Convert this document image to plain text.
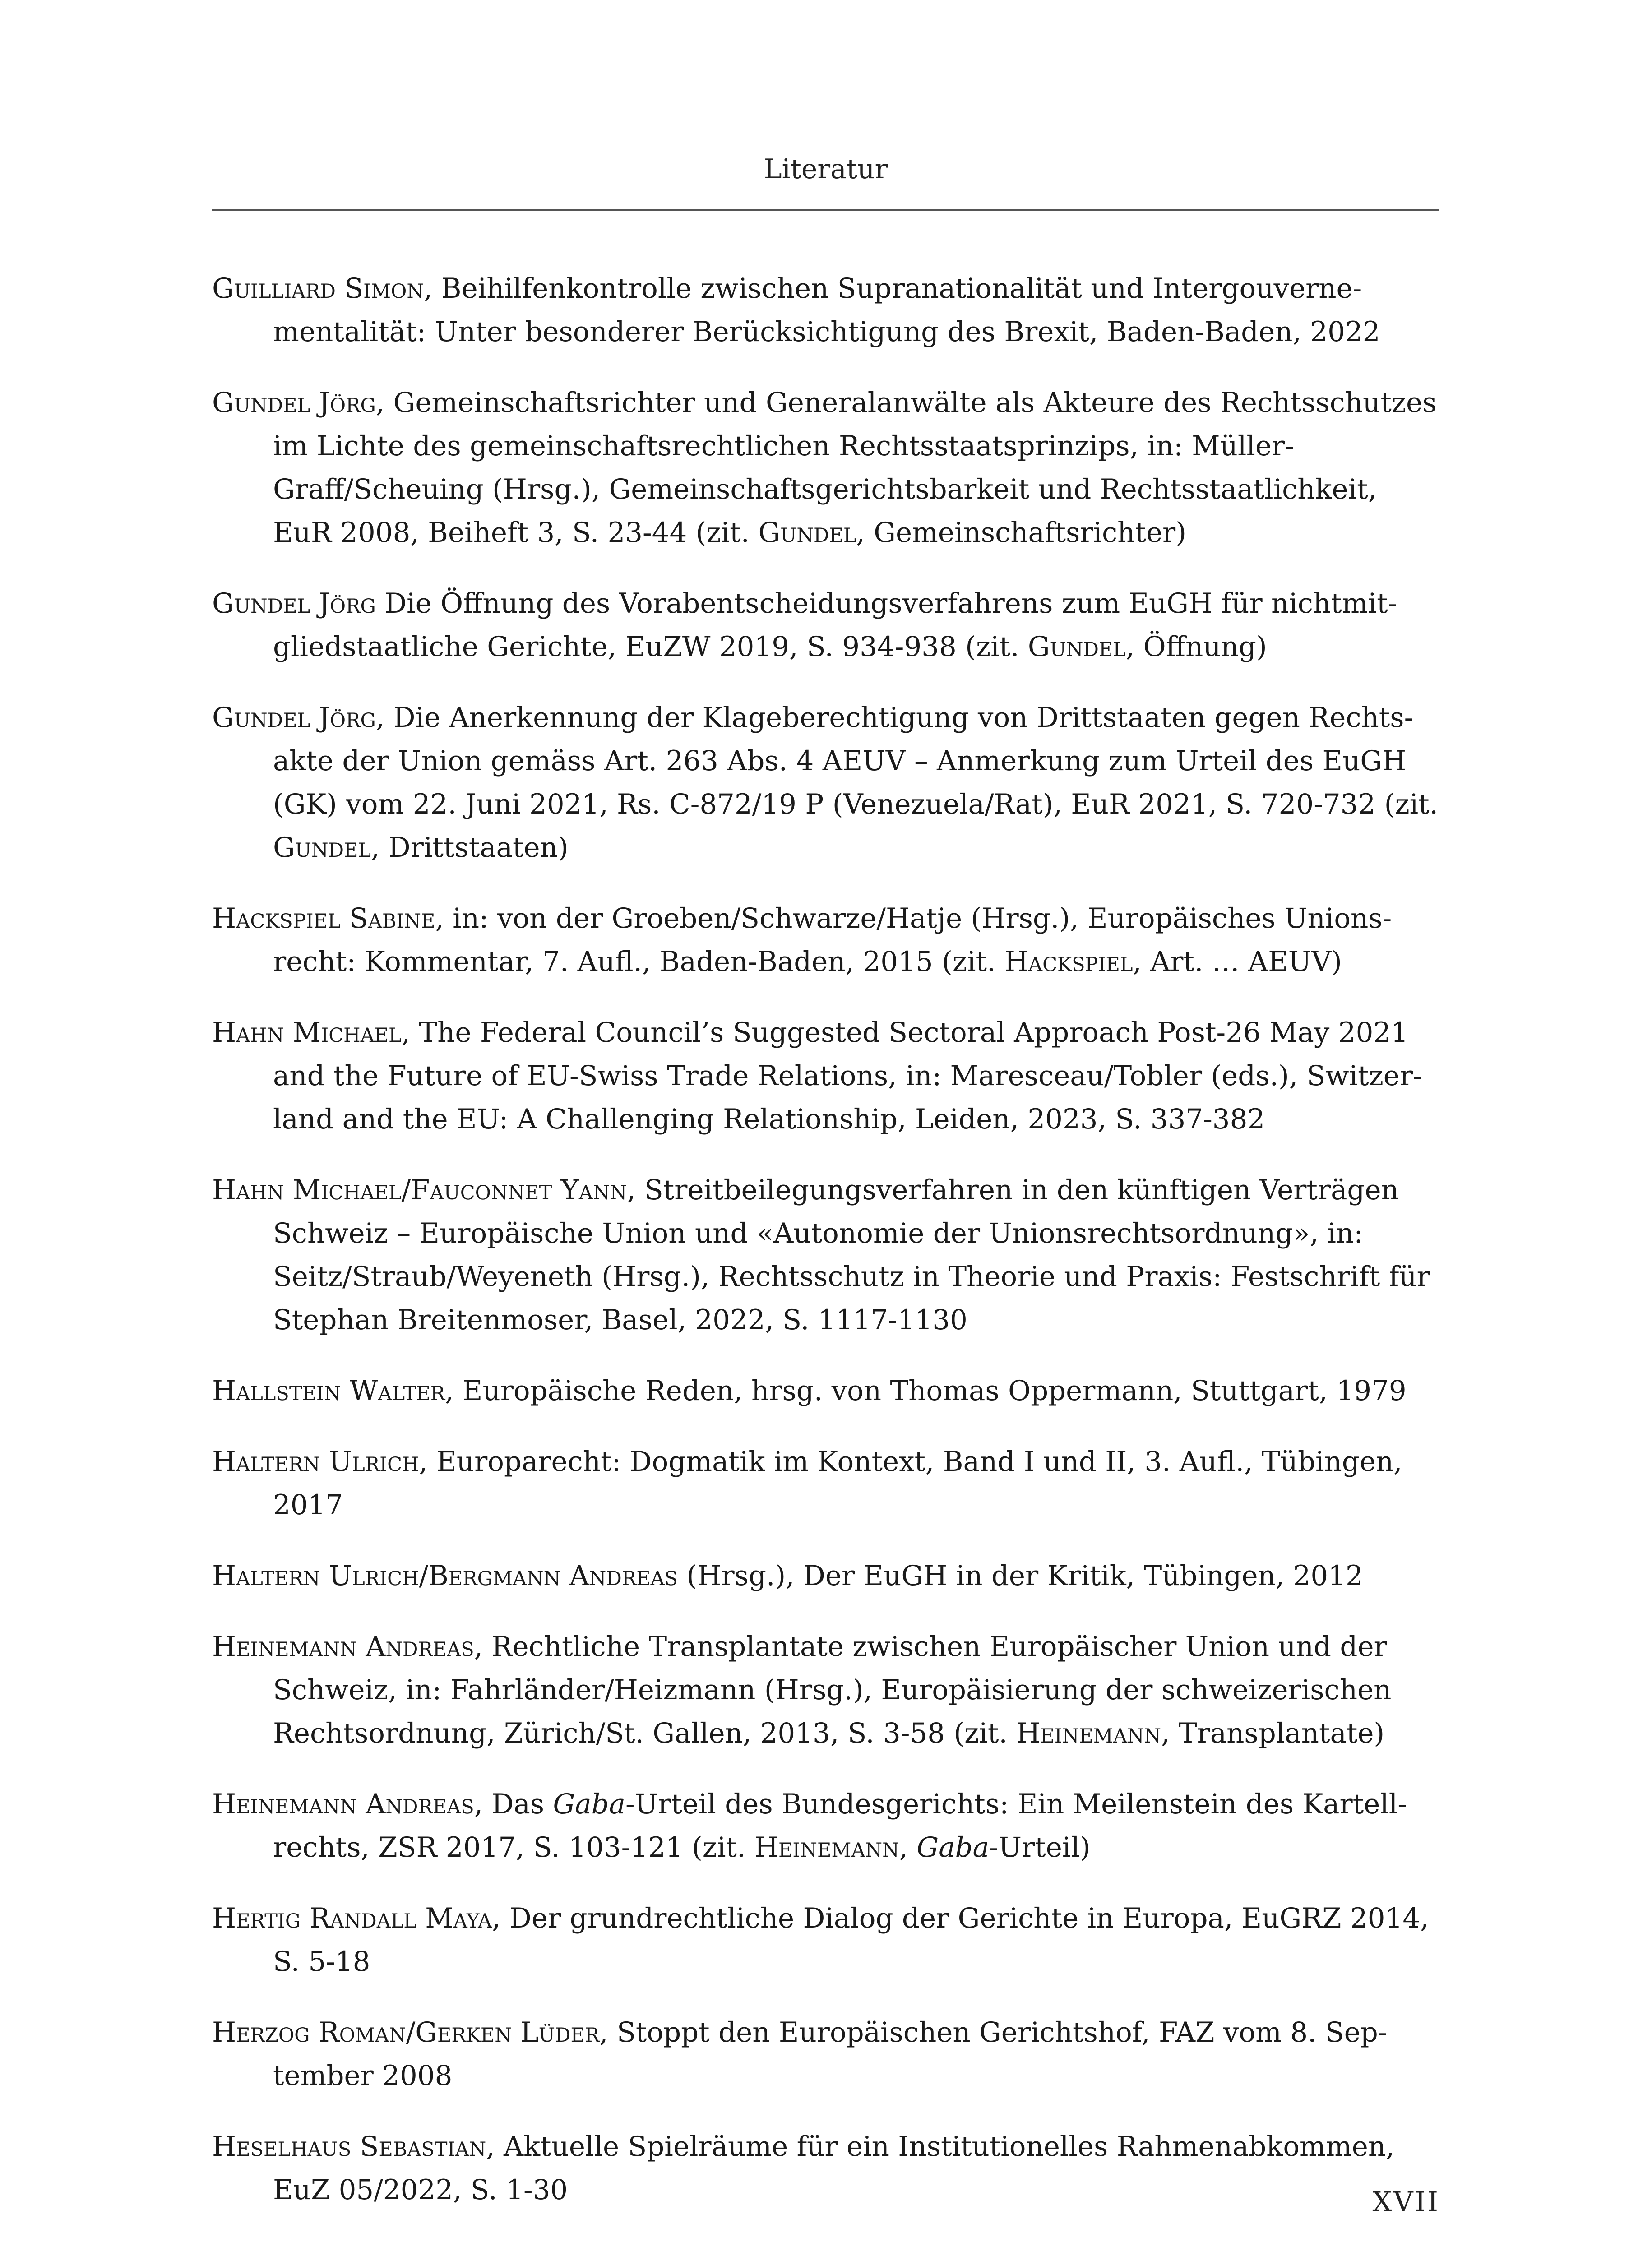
Literatur

Guilliard Simon, Beihilfenkontrolle zwischen Supranationalität und Intergouvernementalität: Unter besonderer Berücksichtigung des Brexit, Baden-Baden, 2022

Gundel Jörg, Gemeinschaftsrichter und Generalanwälte als Akteure des Rechtsschutzes im Lichte des gemeinschaftsrechtlichen Rechtsstaatsprinzips, in: Müller-Graff/Scheuing (Hrsg.), Gemeinschaftsgerichtsbarkeit und Rechtsstaatlichkeit, EuR 2008, Beiheft 3, S. 23-44 (zit. Gundel, Gemeinschaftsrichter)

Gundel Jörg Die Öffnung des Vorabentscheidungsverfahrens zum EuGH für nichtmitgliedstaatliche Gerichte, EuZW 2019, S. 934-938 (zit. Gundel, Öffnung)

Gundel Jörg, Die Anerkennung der Klageberechtigung von Drittstaaten gegen Rechtsakte der Union gemäss Art. 263 Abs. 4 AEUV – Anmerkung zum Urteil des EuGH (GK) vom 22. Juni 2021, Rs. C-872/19 P (Venezuela/Rat), EuR 2021, S. 720-732 (zit. Gundel, Drittstaaten)

Hackspiel Sabine, in: von der Groeben/Schwarze/Hatje (Hrsg.), Europäisches Unionsrecht: Kommentar, 7. Aufl., Baden-Baden, 2015 (zit. Hackspiel, Art. … AEUV)

Hahn Michael, The Federal Council’s Suggested Sectoral Approach Post-26 May 2021 and the Future of EU-Swiss Trade Relations, in: Maresceau/Tobler (eds.), Switzerland and the EU: A Challenging Relationship, Leiden, 2023, S. 337-382

Hahn Michael/Fauconnet Yann, Streitbeilegungsverfahren in den künftigen Verträgen Schweiz – Europäische Union und «Autonomie der Unionsrechtsordnung», in: Seitz/Straub/Weyeneth (Hrsg.), Rechtsschutz in Theorie und Praxis: Festschrift für Stephan Breitenmoser, Basel, 2022, S. 1117-1130

Hallstein Walter, Europäische Reden, hrsg. von Thomas Oppermann, Stuttgart, 1979

Haltern Ulrich, Europarecht: Dogmatik im Kontext, Band I und II, 3. Aufl., Tübingen, 2017

Haltern Ulrich/Bergmann Andreas (Hrsg.), Der EuGH in der Kritik, Tübingen, 2012

Heinemann Andreas, Rechtliche Transplantate zwischen Europäischer Union und der Schweiz, in: Fahrländer/Heizmann (Hrsg.), Europäisierung der schweizerischen Rechtsordnung, Zürich/St. Gallen, 2013, S. 3-58 (zit. Heinemann, Transplantate)

Heinemann Andreas, Das Gaba-Urteil des Bundesgerichts: Ein Meilenstein des Kartellrechts, ZSR 2017, S. 103-121 (zit. Heinemann, Gaba-Urteil)

Hertig Randall Maya, Der grundrechtliche Dialog der Gerichte in Europa, EuGRZ 2014, S. 5-18

Herzog Roman/Gerken Lüder, Stoppt den Europäischen Gerichtshof, FAZ vom 8. September 2008

Heselhaus Sebastian, Aktuelle Spielräume für ein Institutionelles Rahmenabkommen, EuZ 05/2022, S. 1-30	XVII
